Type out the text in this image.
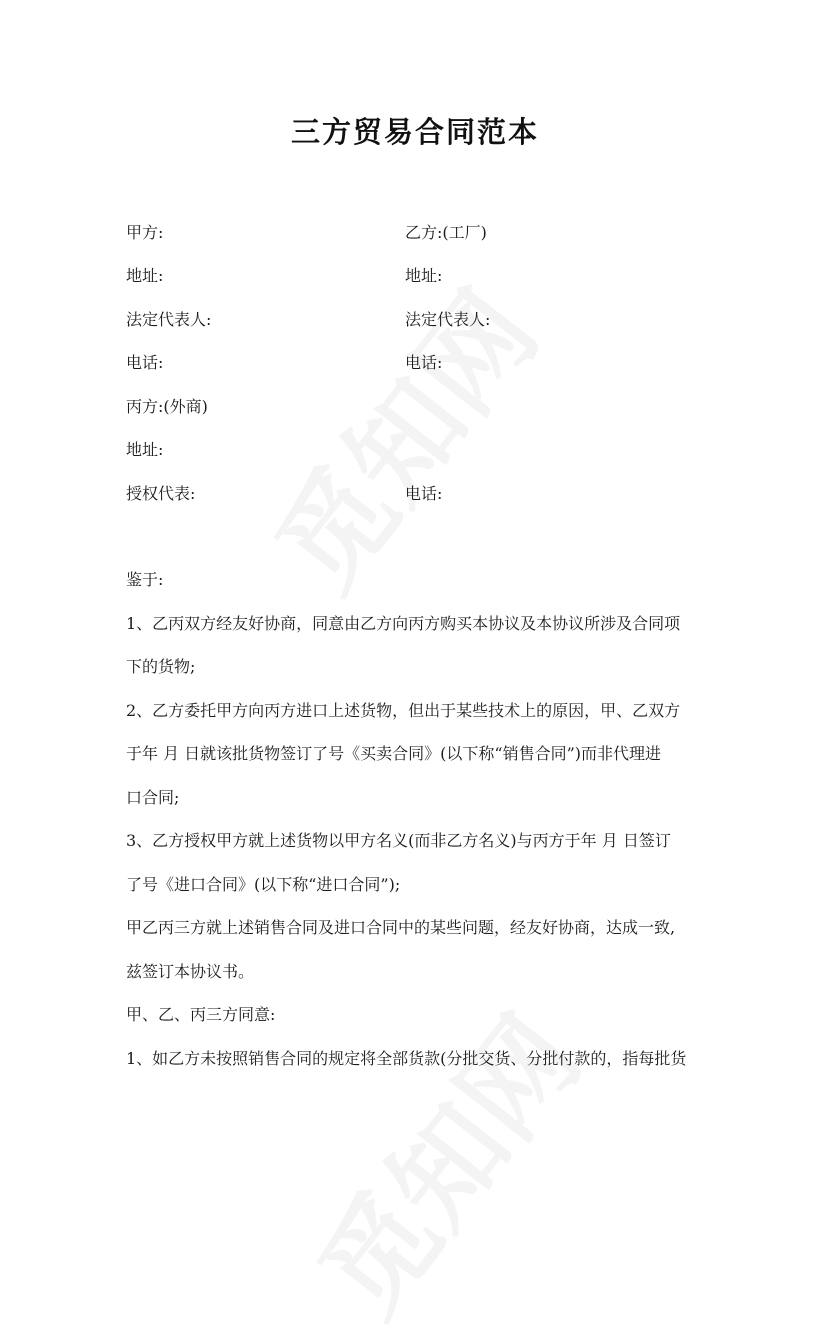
三方贸易合同范本
甲方:	乙方:(工厂)
地址:	地址:
法定代表人:	法定代表人:
电话:	电话:
丙方:(外商)
地址:
授权代表:	电话:
鉴于:
1、乙丙双方经友好协商，同意由乙方向丙方购买本协议及本协议所涉及合同项
下的货物;
2、乙方委托甲方向丙方进口上述货物，但出于某些技术上的原因，甲、乙双方
于年 月 日就该批货物签订了号《买卖合同》(以下称“销售合同”)而非代理进
口合同;
3、乙方授权甲方就上述货物以甲方名义(而非乙方名义)与丙方于年 月 日签订
了号《进口合同》(以下称“进口合同”);
甲乙丙三方就上述销售合同及进口合同中的某些问题，经友好协商，达成一致,
兹签订本协议书。
甲、乙、丙三方同意:
1、如乙方未按照销售合同的规定将全部货款(分批交货、分批付款的，指每批货
